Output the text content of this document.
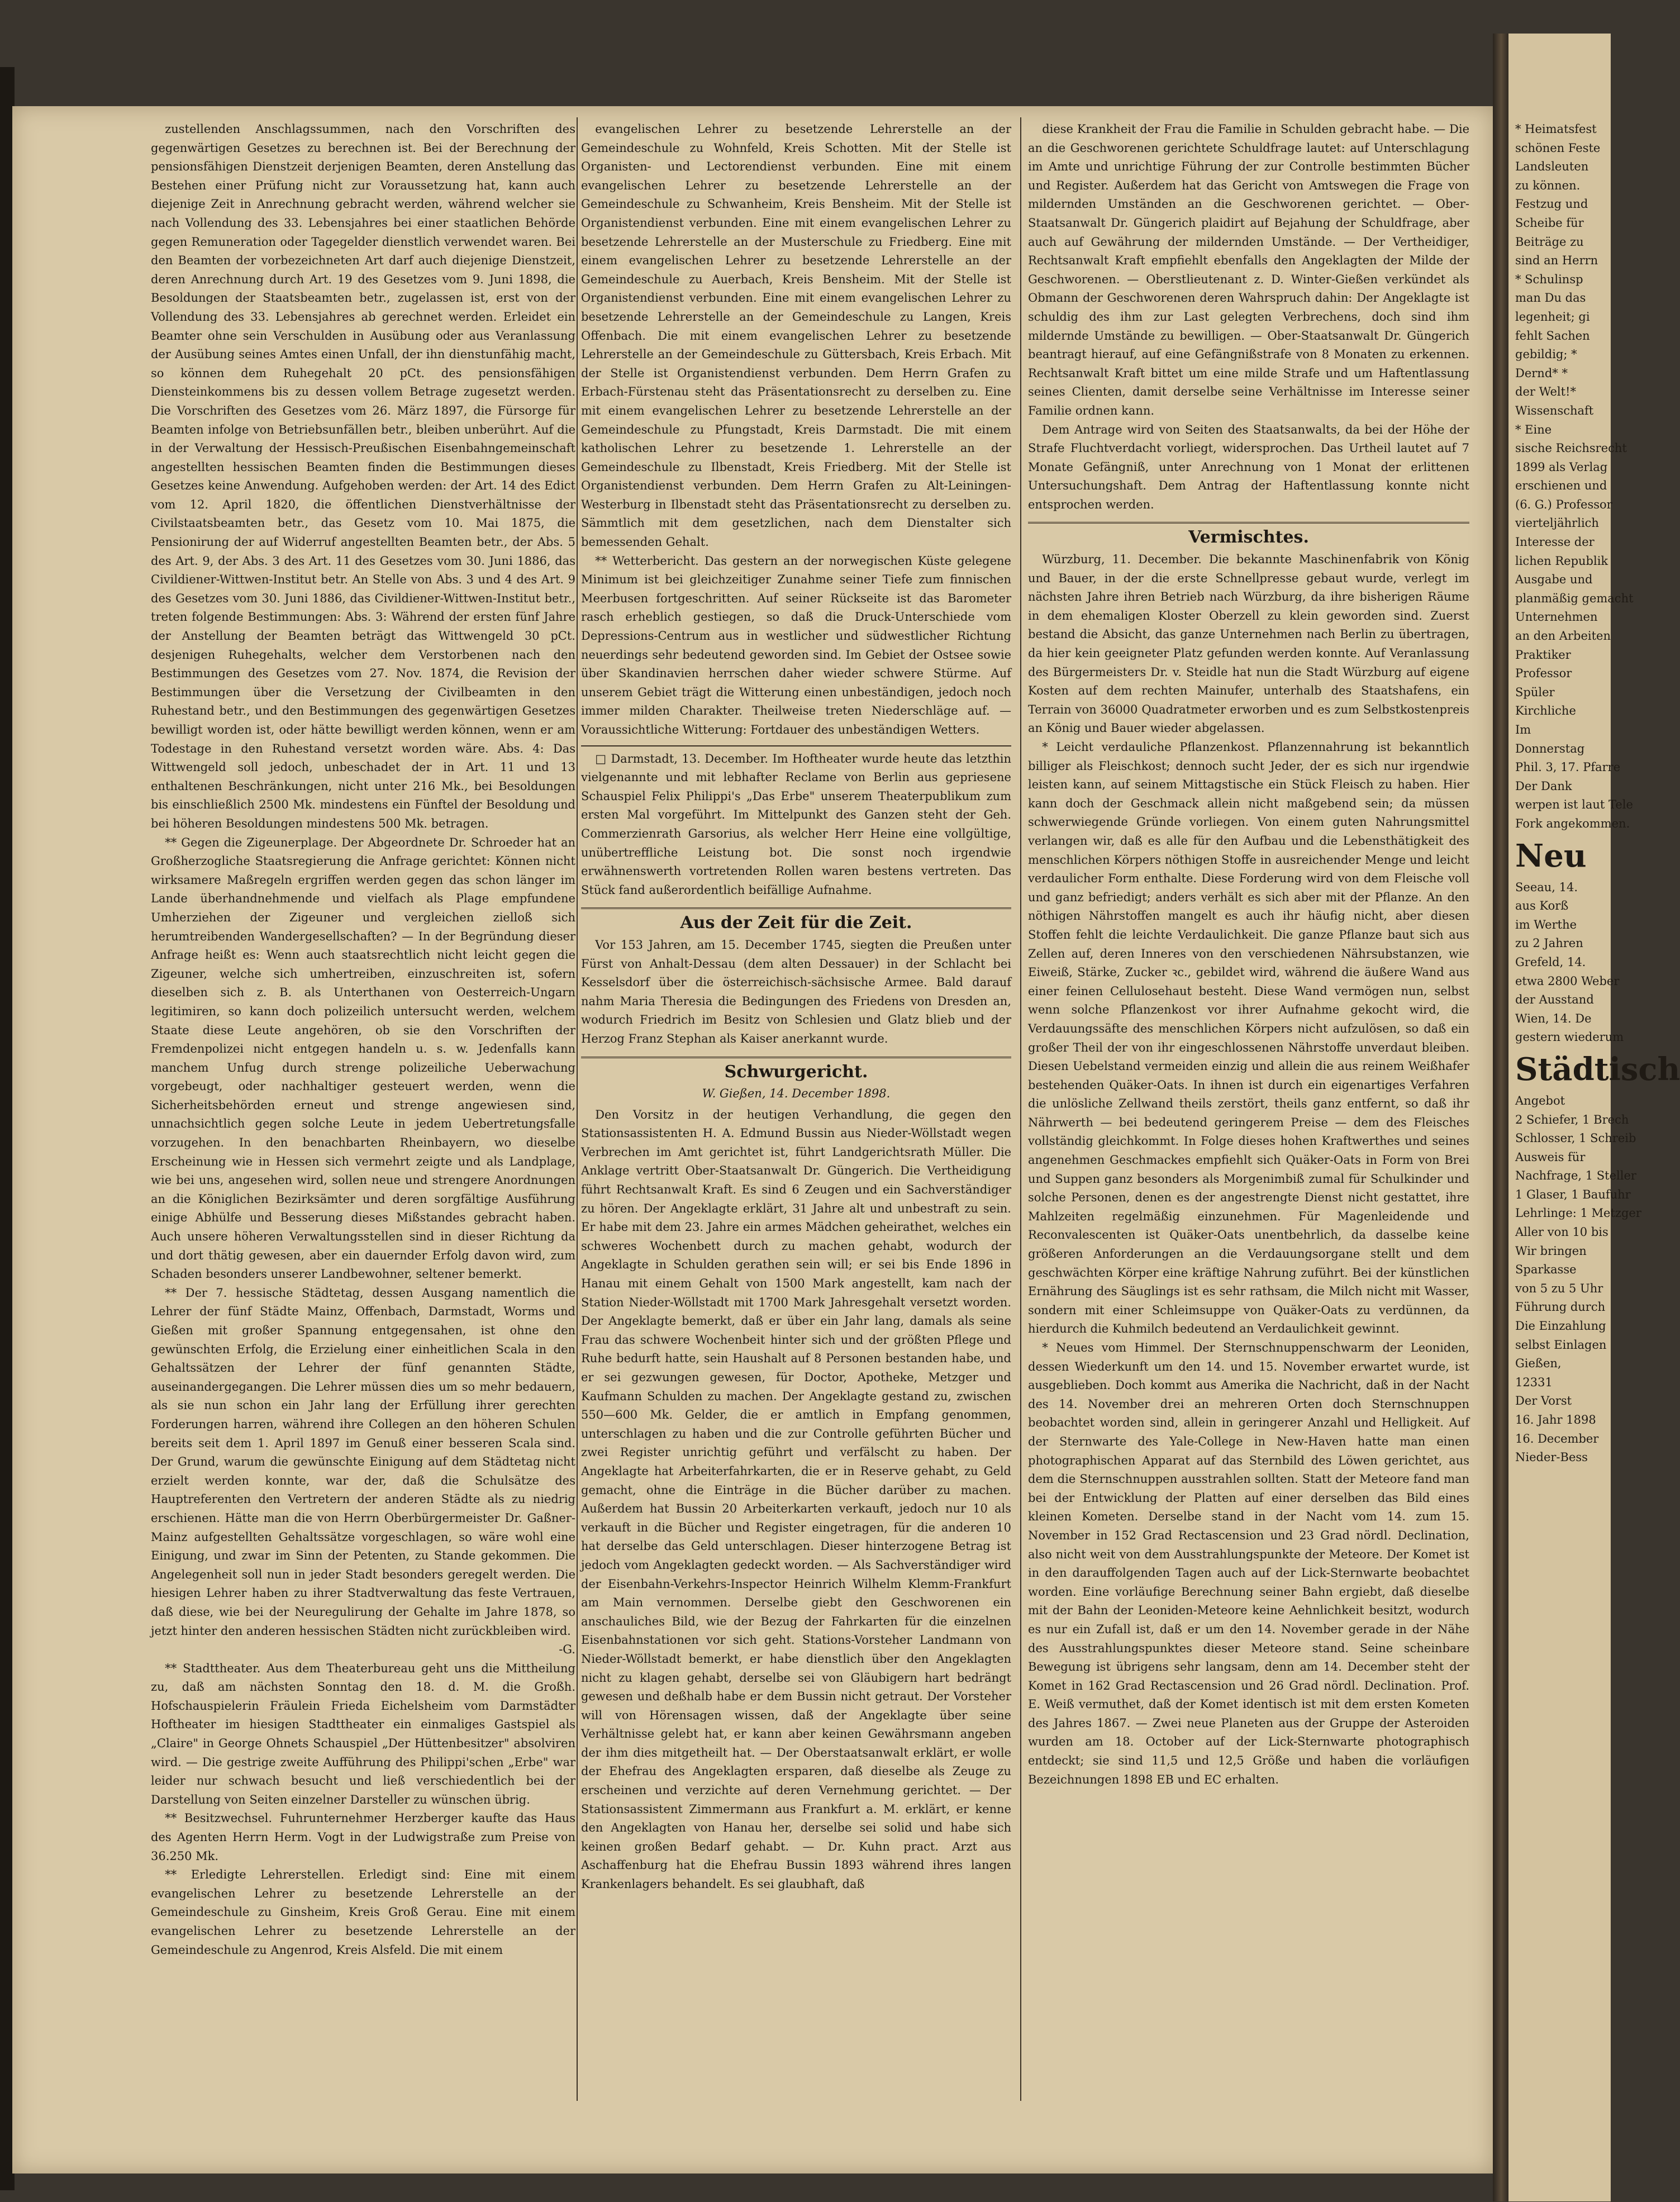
zustellenden Anschlagssummen, nach den Vorschriften des gegenwärtigen Gesetzes zu berechnen ist. Bei der Berechnung der pensionsfähigen Dienstzeit derjenigen Beamten, deren Anstellung das Bestehen einer Prüfung nicht zur Voraussetzung hat, kann auch diejenige Zeit in Anrechnung gebracht werden, während welcher sie nach Vollendung des 33. Lebensjahres bei einer staatlichen Behörde gegen Remuneration oder Tagegelder dienstlich verwendet waren. Bei den Beamten der vorbezeichneten Art darf auch diejenige Dienstzeit, deren Anrechnung durch Art. 19 des Gesetzes vom 9. Juni 1898, die Besoldungen der Staatsbeamten betr., zugelassen ist, erst von der Vollendung des 33. Lebensjahres ab gerechnet werden. Erleidet ein Beamter ohne sein Verschulden in Ausübung oder aus Veranlassung der Ausübung seines Amtes einen Unfall, der ihn dienstunfähig macht, so können dem Ruhegehalt 20 pCt. des pensionsfähigen Diensteinkommens bis zu dessen vollem Betrage zugesetzt werden. Die Vorschriften des Gesetzes vom 26. März 1897, die Fürsorge für Beamten infolge von Betriebsunfällen betr., bleiben unberührt. Auf die in der Verwaltung der Hessisch-Preußischen Eisenbahngemeinschaft angestellten hessischen Beamten finden die Bestimmungen dieses Gesetzes keine Anwendung. Aufgehoben werden: der Art. 14 des Edict vom 12. April 1820, die öffentlichen Dienstverhältnisse der Civilstaatsbeamten betr., das Gesetz vom 10. Mai 1875, die Pensionirung der auf Widerruf angestellten Beamten betr., der Abs. 5 des Art. 9, der Abs. 3 des Art. 11 des Gesetzes vom 30. Juni 1886, das Civildiener-Wittwen-Institut betr. An Stelle von Abs. 3 und 4 des Art. 9 des Gesetzes vom 30. Juni 1886, das Civildiener-Wittwen-Institut betr., treten folgende Bestimmungen: Abs. 3: Während der ersten fünf Jahre der Anstellung der Beamten beträgt das Wittwengeld 30 pCt. desjenigen Ruhegehalts, welcher dem Verstorbenen nach den Bestimmungen des Gesetzes vom 27. Nov. 1874, die Revision der Bestimmungen über die Versetzung der Civilbeamten in den Ruhestand betr., und den Bestimmungen des gegenwärtigen Gesetzes bewilligt worden ist, oder hätte bewilligt werden können, wenn er am Todestage in den Ruhestand versetzt worden wäre. Abs. 4: Das Wittwengeld soll jedoch, unbeschadet der in Art. 11 und 13 enthaltenen Beschränkungen, nicht unter 216 Mk., bei Besoldungen bis einschließlich 2500 Mk. mindestens ein Fünftel der Besoldung und bei höheren Besoldungen mindestens 500 Mk. betragen.

** Gegen die Zigeunerplage. Der Abgeordnete Dr. Schroeder hat an Großherzogliche Staatsregierung die Anfrage gerichtet: Können nicht wirksamere Maßregeln ergriffen werden gegen das schon länger im Lande überhandnehmende und vielfach als Plage empfundene Umherziehen der Zigeuner und vergleichen zielloß sich herumtreibenden Wandergesellschaften? — In der Begründung dieser Anfrage heißt es: Wenn auch staatsrechtlich nicht leicht gegen die Zigeuner, welche sich umhertreiben, einzuschreiten ist, sofern dieselben sich z. B. als Unterthanen von Oesterreich-Ungarn legitimiren, so kann doch polizeilich untersucht werden, welchem Staate diese Leute angehören, ob sie den Vorschriften der Fremdenpolizei nicht entgegen handeln u. s. w. Jedenfalls kann manchem Unfug durch strenge polizeiliche Ueberwachung vorgebeugt, oder nachhaltiger gesteuert werden, wenn die Sicherheitsbehörden erneut und strenge angewiesen sind, unnachsichtlich gegen solche Leute in jedem Uebertretungsfalle vorzugehen. In den benachbarten Rheinbayern, wo dieselbe Erscheinung wie in Hessen sich vermehrt zeigte und als Landplage, wie bei uns, angesehen wird, sollen neue und strengere Anordnungen an die Königlichen Bezirksämter und deren sorgfältige Ausführung einige Abhülfe und Besserung dieses Mißstandes gebracht haben. Auch unsere höheren Verwaltungsstellen sind in dieser Richtung da und dort thätig gewesen, aber ein dauernder Erfolg davon wird, zum Schaden besonders unserer Landbewohner, seltener bemerkt.

** Der 7. hessische Städtetag, dessen Ausgang namentlich die Lehrer der fünf Städte Mainz, Offenbach, Darmstadt, Worms und Gießen mit großer Spannung entgegensahen, ist ohne den gewünschten Erfolg, die Erzielung einer einheitlichen Scala in den Gehaltssätzen der Lehrer der fünf genannten Städte, auseinandergegangen. Die Lehrer müssen dies um so mehr bedauern, als sie nun schon ein Jahr lang der Erfüllung ihrer gerechten Forderungen harren, während ihre Collegen an den höheren Schulen bereits seit dem 1. April 1897 im Genuß einer besseren Scala sind. Der Grund, warum die gewünschte Einigung auf dem Städtetag nicht erzielt werden konnte, war der, daß die Schulsätze des Hauptreferenten den Vertretern der anderen Städte als zu niedrig erschienen. Hätte man die von Herrn Oberbürgermeister Dr. Gaßner-Mainz aufgestellten Gehaltssätze vorgeschlagen, so wäre wohl eine Einigung, und zwar im Sinn der Petenten, zu Stande gekommen. Die Angelegenheit soll nun in jeder Stadt besonders geregelt werden. Die hiesigen Lehrer haben zu ihrer Stadtverwaltung das feste Vertrauen, daß diese, wie bei der Neuregulirung der Gehalte im Jahre 1878, so jetzt hinter den anderen hessischen Städten nicht zurückbleiben wird.

-G.

** Stadttheater. Aus dem Theaterbureau geht uns die Mittheilung zu, daß am nächsten Sonntag den 18. d. M. die Großh. Hofschauspielerin Fräulein Frieda Eichelsheim vom Darmstädter Hoftheater im hiesigen Stadttheater ein einmaliges Gastspiel als „Claire" in George Ohnets Schauspiel „Der Hüttenbesitzer" absolviren wird. — Die gestrige zweite Aufführung des Philippi'schen „Erbe" war leider nur schwach besucht und ließ verschiedentlich bei der Darstellung von Seiten einzelner Darsteller zu wünschen übrig.

** Besitzwechsel. Fuhrunternehmer Herzberger kaufte das Haus des Agenten Herrn Herm. Vogt in der Ludwigstraße zum Preise von 36.250 Mk.

** Erledigte Lehrerstellen. Erledigt sind: Eine mit einem evangelischen Lehrer zu besetzende Lehrerstelle an der Gemeindeschule zu Ginsheim, Kreis Groß Gerau. Eine mit einem evangelischen Lehrer zu besetzende Lehrerstelle an der Gemeindeschule zu Angenrod, Kreis Alsfeld. Die mit einem

evangelischen Lehrer zu besetzende Lehrerstelle an der Gemeindeschule zu Wohnfeld, Kreis Schotten. Mit der Stelle ist Organisten- und Lectorendienst verbunden. Eine mit einem evangelischen Lehrer zu besetzende Lehrerstelle an der Gemeindeschule zu Schwanheim, Kreis Bensheim. Mit der Stelle ist Organistendienst verbunden. Eine mit einem evangelischen Lehrer zu besetzende Lehrerstelle an der Musterschule zu Friedberg. Eine mit einem evangelischen Lehrer zu besetzende Lehrerstelle an der Gemeindeschule zu Auerbach, Kreis Bensheim. Mit der Stelle ist Organistendienst verbunden. Eine mit einem evangelischen Lehrer zu besetzende Lehrerstelle an der Gemeindeschule zu Langen, Kreis Offenbach. Die mit einem evangelischen Lehrer zu besetzende Lehrerstelle an der Gemeindeschule zu Güttersbach, Kreis Erbach. Mit der Stelle ist Organistendienst verbunden. Dem Herrn Grafen zu Erbach-Fürstenau steht das Präsentationsrecht zu derselben zu. Eine mit einem evangelischen Lehrer zu besetzende Lehrerstelle an der Gemeindeschule zu Pfungstadt, Kreis Darmstadt. Die mit einem katholischen Lehrer zu besetzende 1. Lehrerstelle an der Gemeindeschule zu Ilbenstadt, Kreis Friedberg. Mit der Stelle ist Organistendienst verbunden. Dem Herrn Grafen zu Alt-Leiningen-Westerburg in Ilbenstadt steht das Präsentationsrecht zu derselben zu. Sämmtlich mit dem gesetzlichen, nach dem Dienstalter sich bemessenden Gehalt.

** Wetterbericht. Das gestern an der norwegischen Küste gelegene Minimum ist bei gleichzeitiger Zunahme seiner Tiefe zum finnischen Meerbusen fortgeschritten. Auf seiner Rückseite ist das Barometer rasch erheblich gestiegen, so daß die Druck-Unterschiede vom Depressions-Centrum aus in westlicher und südwestlicher Richtung neuerdings sehr bedeutend geworden sind. Im Gebiet der Ostsee sowie über Skandinavien herrschen daher wieder schwere Stürme. Auf unserem Gebiet trägt die Witterung einen unbeständigen, jedoch noch immer milden Charakter. Theilweise treten Niederschläge auf. — Voraussichtliche Witterung: Fortdauer des unbeständigen Wetters.

□ Darmstadt, 13. December. Im Hoftheater wurde heute das letzthin vielgenannte und mit lebhafter Reclame von Berlin aus gepriesene Schauspiel Felix Philippi's „Das Erbe" unserem Theaterpublikum zum ersten Mal vorgeführt. Im Mittelpunkt des Ganzen steht der Geh. Commerzienrath Garsorius, als welcher Herr Heine eine vollgültige, unübertreffliche Leistung bot. Die sonst noch irgendwie erwähnenswerth vortretenden Rollen waren bestens vertreten. Das Stück fand außerordentlich beifällige Aufnahme.

Aus der Zeit für die Zeit.

Vor 153 Jahren, am 15. December 1745, siegten die Preußen unter Fürst von Anhalt-Dessau (dem alten Dessauer) in der Schlacht bei Kesselsdorf über die österreichisch-sächsische Armee. Bald darauf nahm Maria Theresia die Bedingungen des Friedens von Dresden an, wodurch Friedrich im Besitz von Schlesien und Glatz blieb und der Herzog Franz Stephan als Kaiser anerkannt wurde.

Schwurgericht.
W. Gießen, 14. December 1898.

Den Vorsitz in der heutigen Verhandlung, die gegen den Stationsassistenten H. A. Edmund Bussin aus Nieder-Wöllstadt wegen Verbrechen im Amt gerichtet ist, führt Landgerichtsrath Müller. Die Anklage vertritt Ober-Staatsanwalt Dr. Güngerich. Die Vertheidigung führt Rechtsanwalt Kraft. Es sind 6 Zeugen und ein Sachverständiger zu hören. Der Angeklagte erklärt, 31 Jahre alt und unbestraft zu sein. Er habe mit dem 23. Jahre ein armes Mädchen geheirathet, welches ein schweres Wochenbett durch zu machen gehabt, wodurch der Angeklagte in Schulden gerathen sein will; er sei bis Ende 1896 in Hanau mit einem Gehalt von 1500 Mark angestellt, kam nach der Station Nieder-Wöllstadt mit 1700 Mark Jahresgehalt versetzt worden. Der Angeklagte bemerkt, daß er über ein Jahr lang, damals als seine Frau das schwere Wochenbeit hinter sich und der größten Pflege und Ruhe bedurft hatte, sein Haushalt auf 8 Personen bestanden habe, und er sei gezwungen gewesen, für Doctor, Apotheke, Metzger und Kaufmann Schulden zu machen. Der Angeklagte gestand zu, zwischen 550—600 Mk. Gelder, die er amtlich in Empfang genommen, unterschlagen zu haben und die zur Controlle geführten Bücher und zwei Register unrichtig geführt und verfälscht zu haben. Der Angeklagte hat Arbeiterfahrkarten, die er in Reserve gehabt, zu Geld gemacht, ohne die Einträge in die Bücher darüber zu machen. Außerdem hat Bussin 20 Arbeiterkarten verkauft, jedoch nur 10 als verkauft in die Bücher und Register eingetragen, für die anderen 10 hat derselbe das Geld unterschlagen. Dieser hinterzogene Betrag ist jedoch vom Angeklagten gedeckt worden. — Als Sachverständiger wird der Eisenbahn-Verkehrs-Inspector Heinrich Wilhelm Klemm-Frankfurt am Main vernommen. Derselbe giebt den Geschworenen ein anschauliches Bild, wie der Bezug der Fahrkarten für die einzelnen Eisenbahnstationen vor sich geht. Stations-Vorsteher Landmann von Nieder-Wöllstadt bemerkt, er habe dienstlich über den Angeklagten nicht zu klagen gehabt, derselbe sei von Gläubigern hart bedrängt gewesen und deßhalb habe er dem Bussin nicht getraut. Der Vorsteher will von Hörensagen wissen, daß der Angeklagte über seine Verhältnisse gelebt hat, er kann aber keinen Gewährsmann angeben der ihm dies mitgetheilt hat. — Der Oberstaatsanwalt erklärt, er wolle der Ehefrau des Angeklagten ersparen, daß dieselbe als Zeuge zu erscheinen und verzichte auf deren Vernehmung gerichtet. — Der Stationsassistent Zimmermann aus Frankfurt a. M. erklärt, er kenne den Angeklagten von Hanau her, derselbe sei solid und habe sich keinen großen Bedarf gehabt. — Dr. Kuhn pract. Arzt aus Aschaffenburg hat die Ehefrau Bussin 1893 während ihres langen Krankenlagers behandelt. Es sei glaubhaft, daß

diese Krankheit der Frau die Familie in Schulden gebracht habe. — Die an die Geschworenen gerichtete Schuldfrage lautet: auf Unterschlagung im Amte und unrichtige Führung der zur Controlle bestimmten Bücher und Register. Außerdem hat das Gericht von Amtswegen die Frage von mildernden Umständen an die Geschworenen gerichtet. — Ober-Staatsanwalt Dr. Güngerich plaidirt auf Bejahung der Schuldfrage, aber auch auf Gewährung der mildernden Umstände. — Der Vertheidiger, Rechtsanwalt Kraft empfiehlt ebenfalls den Angeklagten der Milde der Geschworenen. — Oberstlieutenant z. D. Winter-Gießen verkündet als Obmann der Geschworenen deren Wahrspruch dahin: Der Angeklagte ist schuldig des ihm zur Last gelegten Verbrechens, doch sind ihm mildernde Umstände zu bewilligen. — Ober-Staatsanwalt Dr. Güngerich beantragt hierauf, auf eine Gefängnißstrafe von 8 Monaten zu erkennen. Rechtsanwalt Kraft bittet um eine milde Strafe und um Haftentlassung seines Clienten, damit derselbe seine Verhältnisse im Interesse seiner Familie ordnen kann.

Dem Antrage wird von Seiten des Staatsanwalts, da bei der Höhe der Strafe Fluchtverdacht vorliegt, widersprochen. Das Urtheil lautet auf 7 Monate Gefängniß, unter Anrechnung von 1 Monat der erlittenen Untersuchungshaft. Dem Antrag der Haftentlassung konnte nicht entsprochen werden.

Vermischtes.

Würzburg, 11. December. Die bekannte Maschinenfabrik von König und Bauer, in der die erste Schnellpresse gebaut wurde, verlegt im nächsten Jahre ihren Betrieb nach Würzburg, da ihre bisherigen Räume in dem ehemaligen Kloster Oberzell zu klein geworden sind. Zuerst bestand die Absicht, das ganze Unternehmen nach Berlin zu übertragen, da hier kein geeigneter Platz gefunden werden konnte. Auf Veranlassung des Bürgermeisters Dr. v. Steidle hat nun die Stadt Würzburg auf eigene Kosten auf dem rechten Mainufer, unterhalb des Staatshafens, ein Terrain von 36000 Quadratmeter erworben und es zum Selbstkostenpreis an König und Bauer wieder abgelassen.

* Leicht verdauliche Pflanzenkost. Pflanzennahrung ist bekanntlich billiger als Fleischkost; dennoch sucht Jeder, der es sich nur irgendwie leisten kann, auf seinem Mittagstische ein Stück Fleisch zu haben. Hier kann doch der Geschmack allein nicht maßgebend sein; da müssen schwerwiegende Gründe vorliegen. Von einem guten Nahrungsmittel verlangen wir, daß es alle für den Aufbau und die Lebensthätigkeit des menschlichen Körpers nöthigen Stoffe in ausreichender Menge und leicht verdaulicher Form enthalte. Diese Forderung wird von dem Fleische voll und ganz befriedigt; anders verhält es sich aber mit der Pflanze. An den nöthigen Nährstoffen mangelt es auch ihr häufig nicht, aber diesen Stoffen fehlt die leichte Verdaulichkeit. Die ganze Pflanze baut sich aus Zellen auf, deren Inneres von den verschiedenen Nährsubstanzen, wie Eiweiß, Stärke, Zucker ꝛc., gebildet wird, während die äußere Wand aus einer feinen Cellulosehaut besteht. Diese Wand vermögen nun, selbst wenn solche Pflanzenkost vor ihrer Aufnahme gekocht wird, die Verdauungssäfte des menschlichen Körpers nicht aufzulösen, so daß ein großer Theil der von ihr eingeschlossenen Nährstoffe unverdaut bleiben. Diesen Uebelstand vermeiden einzig und allein die aus reinem Weißhafer bestehenden Quäker-Oats. In ihnen ist durch ein eigenartiges Verfahren die unlösliche Zellwand theils zerstört, theils ganz entfernt, so daß ihr Nährwerth — bei bedeutend geringerem Preise — dem des Fleisches vollständig gleichkommt. In Folge dieses hohen Kraftwerthes und seines angenehmen Geschmackes empfiehlt sich Quäker-Oats in Form von Brei und Suppen ganz besonders als Morgenimbiß zumal für Schulkinder und solche Personen, denen es der angestrengte Dienst nicht gestattet, ihre Mahlzeiten regelmäßig einzunehmen. Für Magenleidende und Reconvalescenten ist Quäker-Oats unentbehrlich, da dasselbe keine größeren Anforderungen an die Verdauungsorgane stellt und dem geschwächten Körper eine kräftige Nahrung zuführt. Bei der künstlichen Ernährung des Säuglings ist es sehr rathsam, die Milch nicht mit Wasser, sondern mit einer Schleimsuppe von Quäker-Oats zu verdünnen, da hierdurch die Kuhmilch bedeutend an Verdaulichkeit gewinnt.

* Neues vom Himmel. Der Sternschnuppenschwarm der Leoniden, dessen Wiederkunft um den 14. und 15. November erwartet wurde, ist ausgeblieben. Doch kommt aus Amerika die Nachricht, daß in der Nacht des 14. November drei an mehreren Orten doch Sternschnuppen beobachtet worden sind, allein in geringerer Anzahl und Helligkeit. Auf der Sternwarte des Yale-College in New-Haven hatte man einen photographischen Apparat auf das Sternbild des Löwen gerichtet, aus dem die Sternschnuppen ausstrahlen sollten. Statt der Meteore fand man bei der Entwicklung der Platten auf einer derselben das Bild eines kleinen Kometen. Derselbe stand in der Nacht vom 14. zum 15. November in 152 Grad Rectascension und 23 Grad nördl. Declination, also nicht weit von dem Ausstrahlungspunkte der Meteore. Der Komet ist in den darauffolgenden Tagen auch auf der Lick-Sternwarte beobachtet worden. Eine vorläufige Berechnung seiner Bahn ergiebt, daß dieselbe mit der Bahn der Leoniden-Meteore keine Aehnlichkeit besitzt, wodurch es nur ein Zufall ist, daß er um den 14. November gerade in der Nähe des Ausstrahlungspunktes dieser Meteore stand. Seine scheinbare Bewegung ist übrigens sehr langsam, denn am 14. December steht der Komet in 162 Grad Rectascension und 26 Grad nördl. Declination. Prof. E. Weiß vermuthet, daß der Komet identisch ist mit dem ersten Kometen des Jahres 1867. — Zwei neue Planeten aus der Gruppe der Asteroiden wurden am 18. October auf der Lick-Sternwarte photographisch entdeckt; sie sind 11,5 und 12,5 Größe und haben die vorläufigen Bezeichnungen 1898 EB und EC erhalten.

* Heimatsfest
schönen Feste
Landsleuten
zu können.
Festzug und
Scheibe für
Beiträge zu
sind an Herrn
* Schulinsp
man Du das
legenheit; gi
fehlt Sachen
gebildig; *
Dernd* *
der Welt!*
Wissenschaft
* Eine
sische Reichsrecht
1899 als Verlag
erschienen und
(6. G.) Professor
vierteljährlich
Interesse der
lichen Republik
Ausgabe und
planmäßig gemacht
Unternehmen
an den Arbeiten
Praktiker
Professor
Spüler
Kirchliche
Im
Donnerstag
Phil. 3, 17. Pfarre
Der Dank
werpen ist laut Tele
Fork angekommen.
Neu
Seeau, 14.
aus Korß
im Werthe
zu 2 Jahren
Grefeld, 14.
etwa 2800 Weber
der Ausstand
Wien, 14. De
gestern wiederum
Städtisch
Angebot
2 Schiefer, 1 Brech
Schlosser, 1 Schreib
Ausweis für
Nachfrage, 1 Steller
1 Glaser, 1 Baufuhr
Lehrlinge: 1 Metzger
Aller von 10 bis
Wir bringen
Sparkasse
von 5 zu 5 Uhr
Führung durch
Die Einzahlung
selbst Einlagen
Gießen,
12331
Der Vorst
16. Jahr 1898
16. December
Nieder-Bess
